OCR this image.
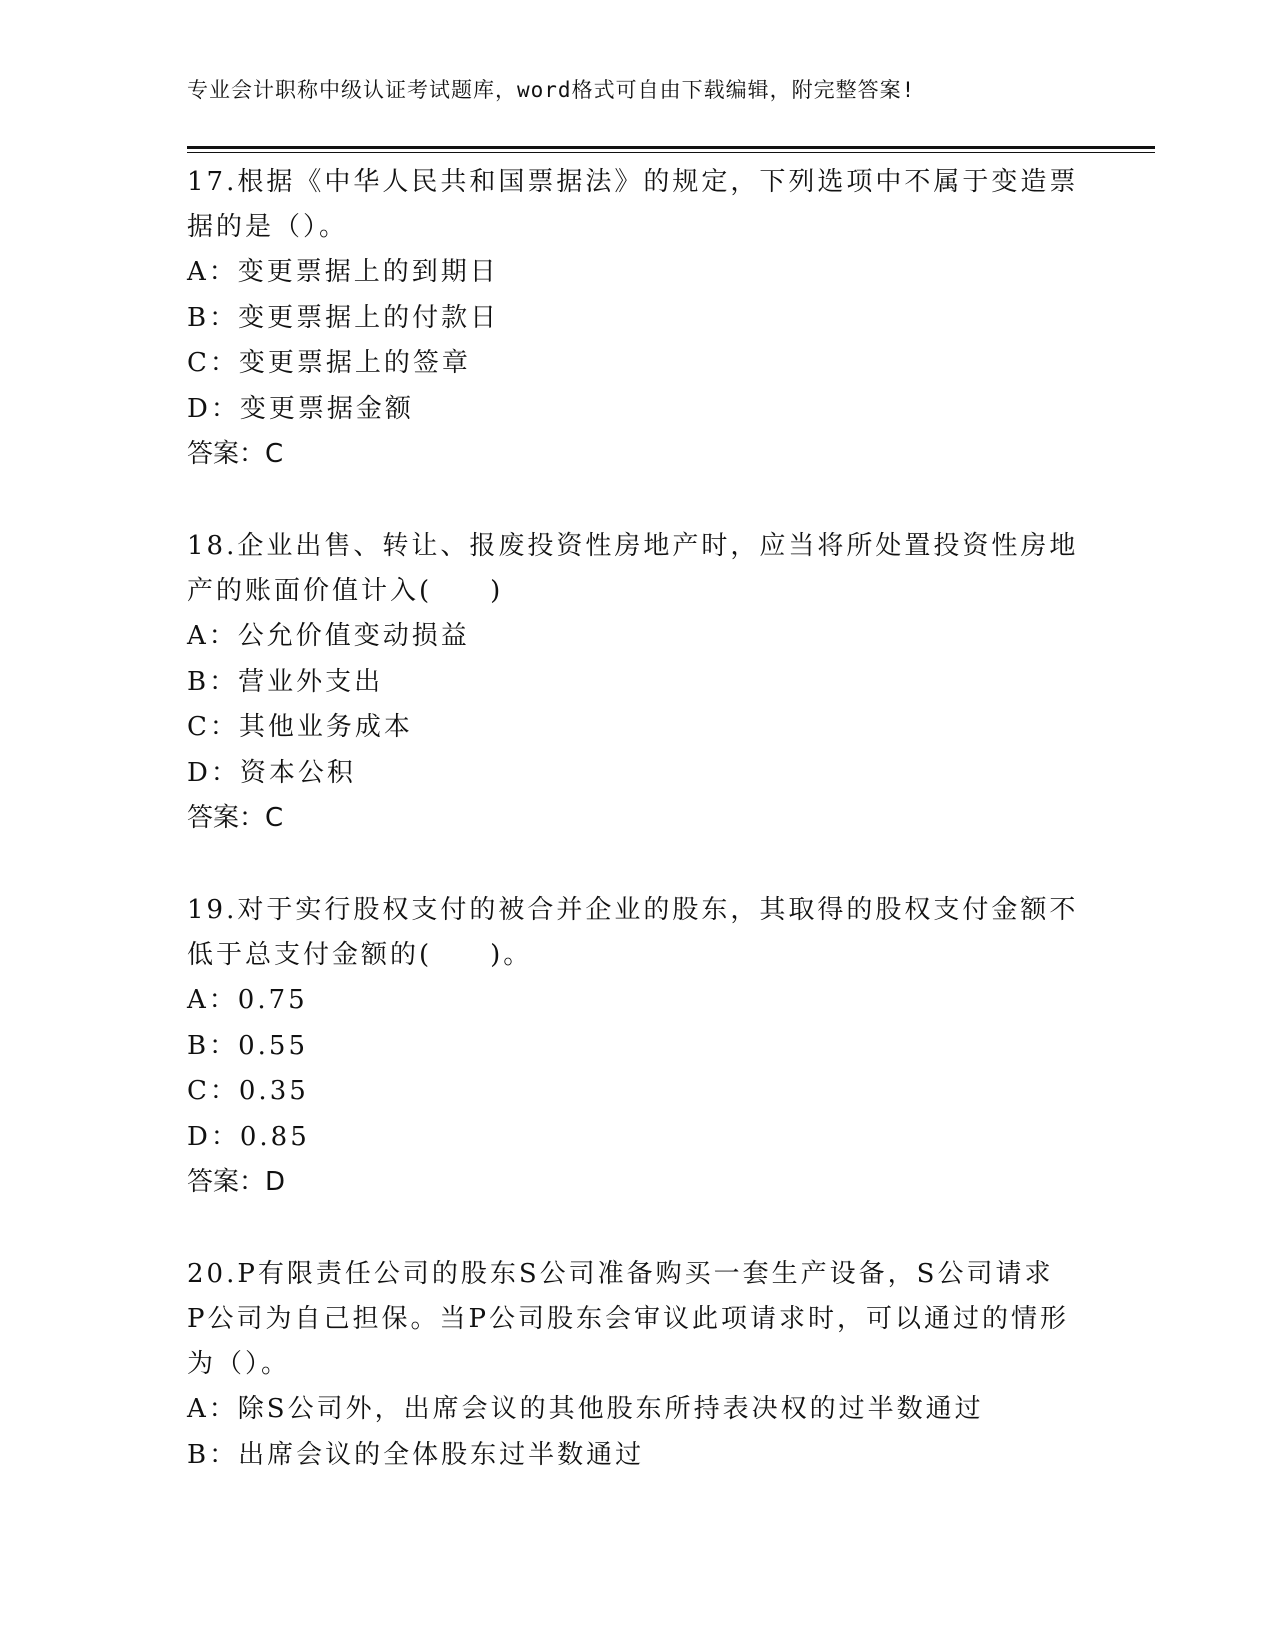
专业会计职称中级认证考试题库，word格式可自由下载编辑，附完整答案!

17.根据《中华人民共和国票据法》的规定，下列选项中不属于变造票

据的是（）。

A：变更票据上的到期日

B：变更票据上的付款日

C：变更票据上的签章

D：变更票据金额

答案：C

18.企业出售、转让、报废投资性房地产时，应当将所处置投资性房地

产的账面价值计入(　　)

A：公允价值变动损益

B：营业外支出

C：其他业务成本

D：资本公积

答案：C

19.对于实行股权支付的被合并企业的股东，其取得的股权支付金额不

低于总支付金额的(　　)。

A：0.75

B：0.55

C：0.35

D：0.85

答案：D

20.P有限责任公司的股东S公司准备购买一套生产设备，S公司请求

P公司为自己担保。当P公司股东会审议此项请求时，可以通过的情形

为（）。

A：除S公司外，出席会议的其他股东所持表决权的过半数通过

B：出席会议的全体股东过半数通过
